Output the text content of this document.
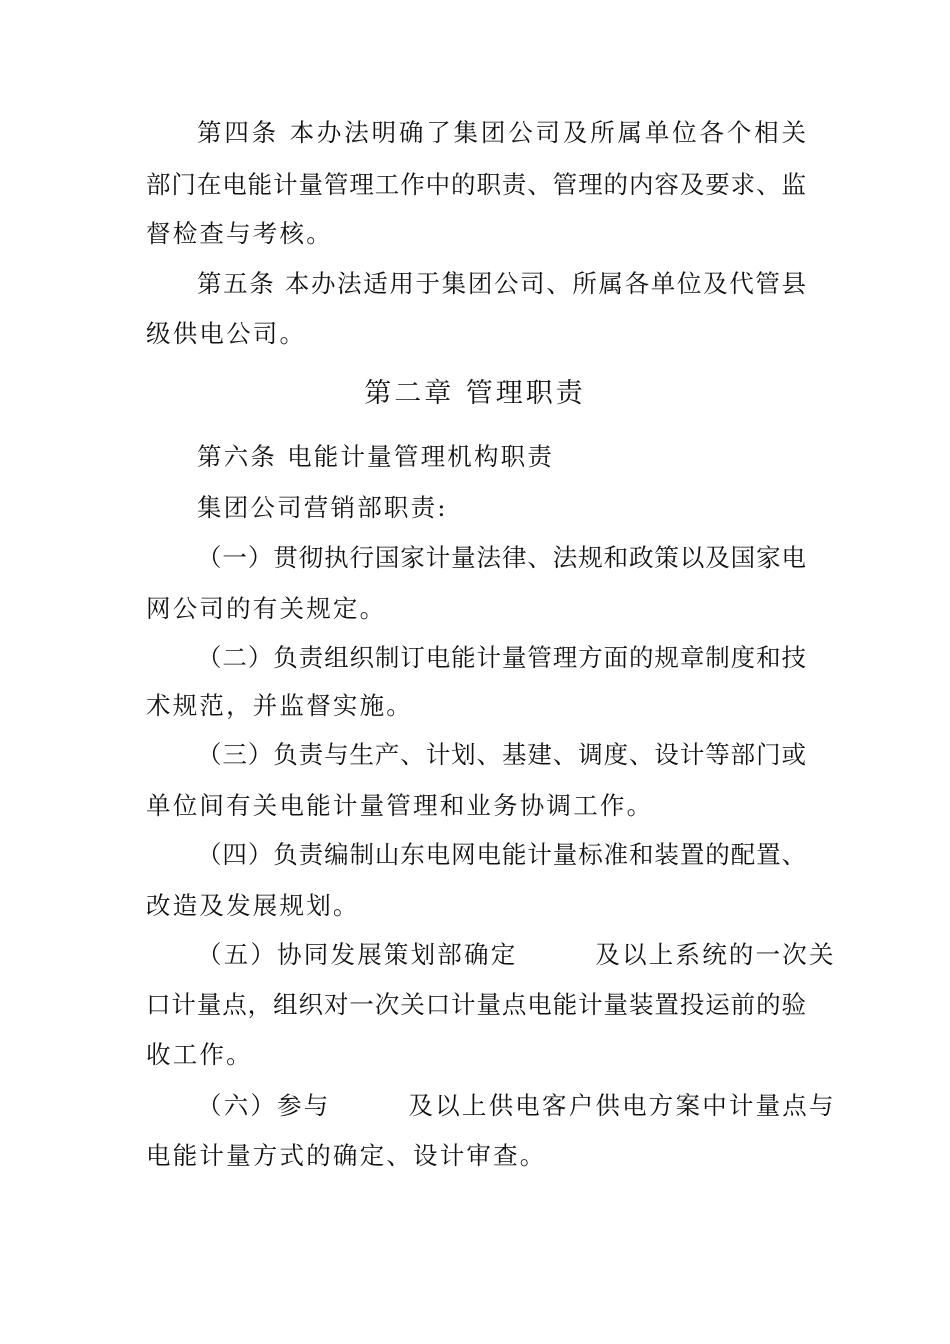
第四条 本办法明确了集团公司及所属单位各个相关
部门在电能计量管理工作中的职责、管理的内容及要求、监
督检查与考核。
第五条 本办法适用于集团公司、所属各单位及代管县
级供电公司。
第二章 管理职责
第六条 电能计量管理机构职责
集团公司营销部职责:
（一）贯彻执行国家计量法律、法规和政策以及国家电
网公司的有关规定。
（二）负责组织制订电能计量管理方面的规章制度和技
术规范，并监督实施。
（三）负责与生产、计划、基建、调度、设计等部门或
单位间有关电能计量管理和业务协调工作。
（四）负责编制山东电网电能计量标准和装置的配置、
改造及发展规划。
（五）协同发展策划部确定	及以上系统的一次关
口计量点，组织对一次关口计量点电能计量装置投运前的验
收工作。
（六）参与	及以上供电客户供电方案中计量点与
电能计量方式的确定、设计审查。
